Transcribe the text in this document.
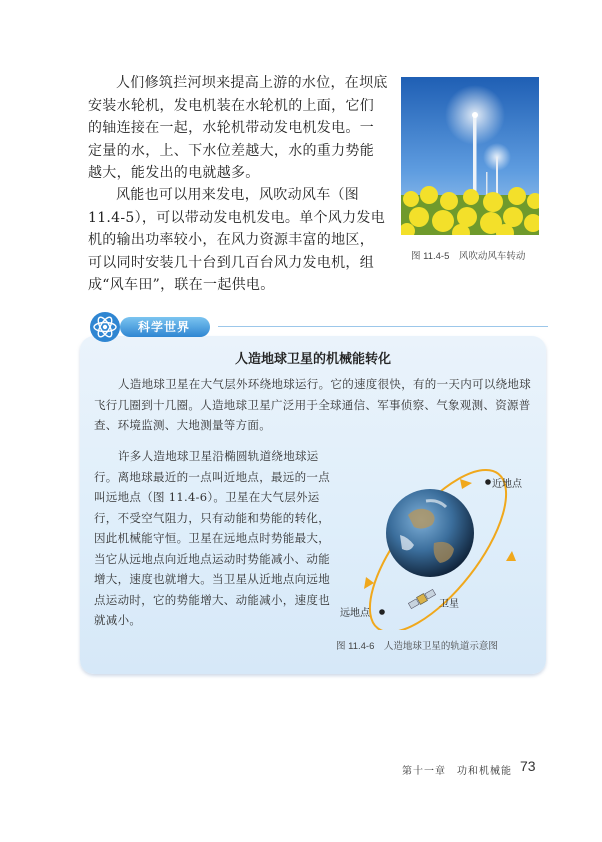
人们修筑拦河坝来提高上游的水位，在坝底安装水轮机，发电机装在水轮机的上面，它们的轴连接在一起，水轮机带动发电机发电。一定量的水，上、下水位差越大，水的重力势能越大，能发出的电就越多。

风能也可以用来发电，风吹动风车（图 11.4-5），可以带动发电机发电。单个风力发电机的输出功率较小，在风力资源丰富的地区，可以同时安装几十台到几百台风力发电机，组成“风车田”，联在一起供电。

图 11.4-5　风吹动风车转动
科学世界
人造地球卫星的机械能转化

人造地球卫星在大气层外环绕地球运行。它的速度很快，有的一天内可以绕地球飞行几圈到十几圈。人造地球卫星广泛用于全球通信、军事侦察、气象观测、资源普查、环境监测、大地测量等方面。

许多人造地球卫星沿椭圆轨道绕地球运行。离地球最近的一点叫近地点，最远的一点叫远地点（图 11.4-6）。卫星在大气层外运行，不受空气阻力，只有动能和势能的转化，因此机械能守恒。卫星在远地点时势能最大，当它从远地点向近地点运动时势能减小、动能增大，速度也就增大。当卫星从近地点向远地点运动时，它的势能增大、动能减小，速度也就减小。

近地点
远地点
卫星
图 11.4-6　人造地球卫星的轨道示意图
第十一章　功和机械能 73
